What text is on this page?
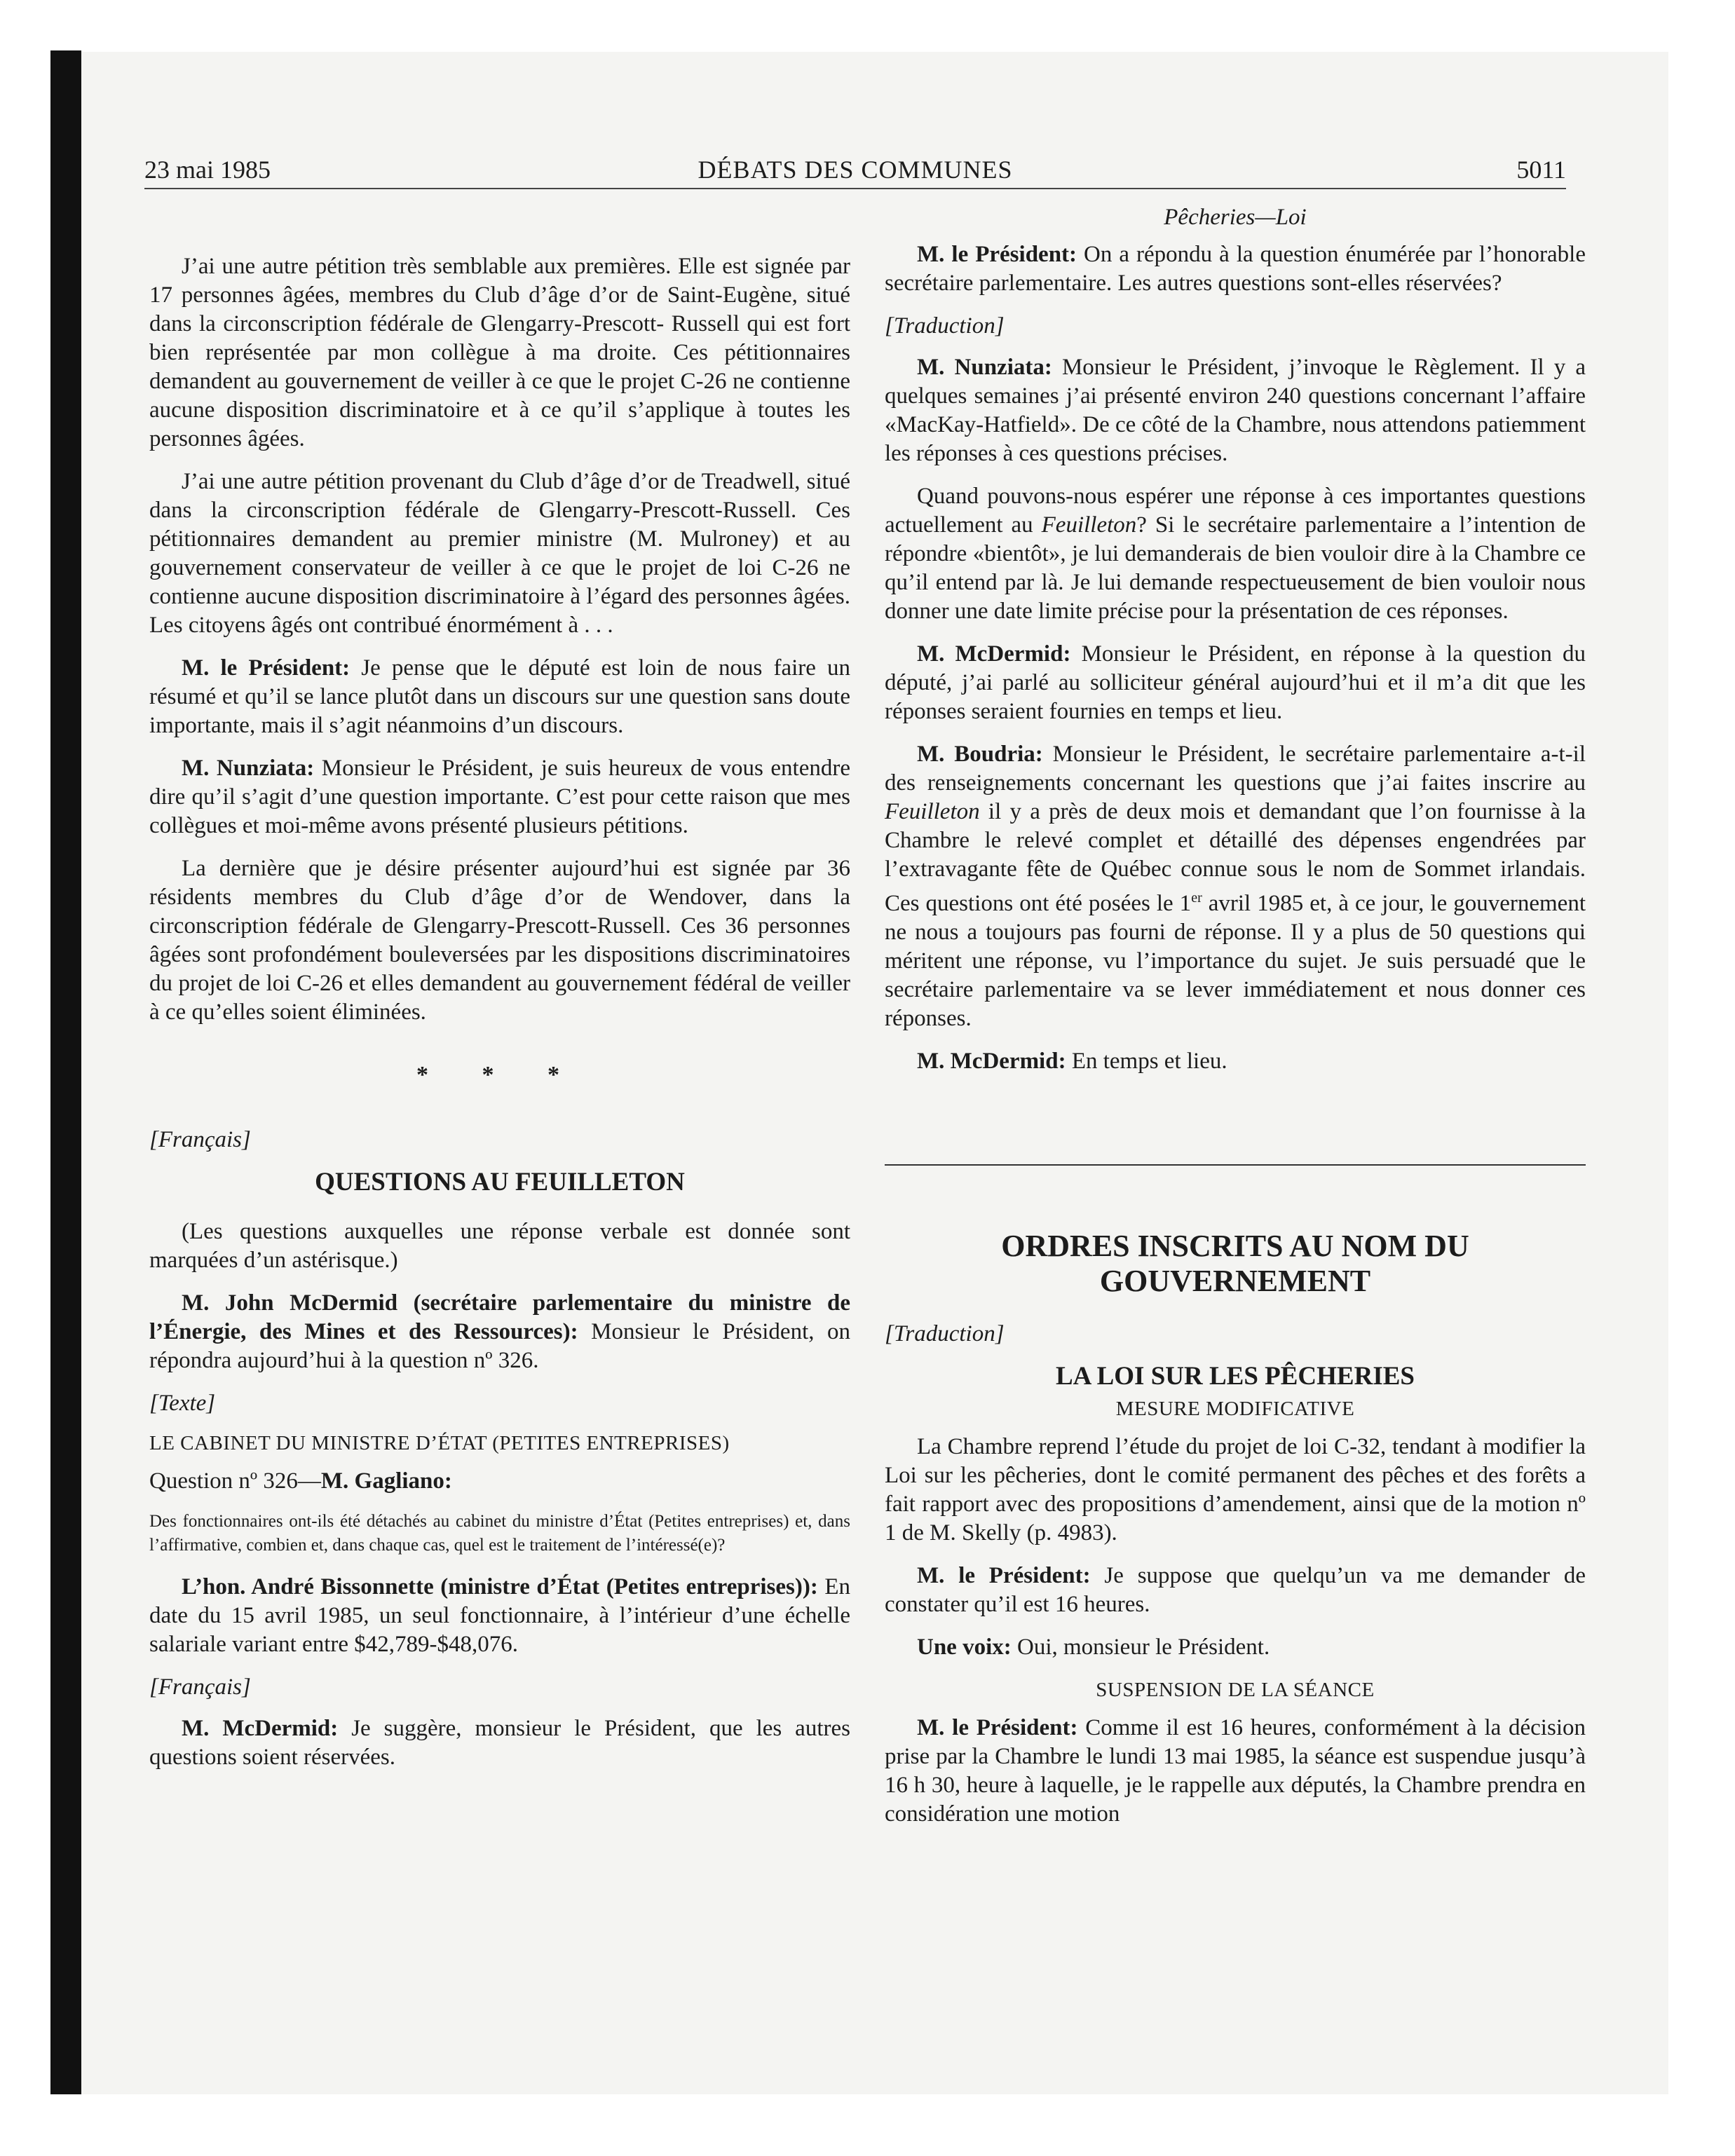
23 mai 1985	DÉBATS DES COMMUNES	5011

J’ai une autre pétition très semblable aux premières. Elle est signée par 17 personnes âgées, membres du Club d’âge d’or de Saint-Eugène, situé dans la circonscription fédérale de Glengarry-Prescott- Russell qui est fort bien représentée par mon collègue à ma droite. Ces pétitionnaires demandent au gouvernement de veiller à ce que le projet C-26 ne contienne aucune disposition discriminatoire et à ce qu’il s’applique à toutes les personnes âgées.

J’ai une autre pétition provenant du Club d’âge d’or de Treadwell, situé dans la circonscription fédérale de Glengarry-Prescott-Russell. Ces pétitionnaires demandent au premier ministre (M. Mulroney) et au gouvernement conservateur de veiller à ce que le projet de loi C-26 ne contienne aucune disposition discriminatoire à l’égard des personnes âgées. Les citoyens âgés ont contribué énormément à . . .

M. le Président: Je pense que le député est loin de nous faire un résumé et qu’il se lance plutôt dans un discours sur une question sans doute importante, mais il s’agit néanmoins d’un discours.

M. Nunziata: Monsieur le Président, je suis heureux de vous entendre dire qu’il s’agit d’une question importante. C’est pour cette raison que mes collègues et moi-même avons présenté plusieurs pétitions.

La dernière que je désire présenter aujourd’hui est signée par 36 résidents membres du Club d’âge d’or de Wendover, dans la circonscription fédérale de Glengarry-Prescott-Russell. Ces 36 personnes âgées sont profondément bouleversées par les dispositions discriminatoires du projet de loi C-26 et elles demandent au gouvernement fédéral de veiller à ce qu’elles soient éliminées.

* * *
[Français]
QUESTIONS AU FEUILLETON

(Les questions auxquelles une réponse verbale est donnée sont marquées d’un astérisque.)

M. John McDermid (secrétaire parlementaire du ministre de l’Énergie, des Mines et des Ressources): Monsieur le Président, on répondra aujourd’hui à la question nº 326.

[Texte]
LE CABINET DU MINISTRE D’ÉTAT (PETITES ENTREPRISES)

Question nº 326—M. Gagliano:

Des fonctionnaires ont-ils été détachés au cabinet du ministre d’État (Petites entreprises) et, dans l’affirmative, combien et, dans chaque cas, quel est le traitement de l’intéressé(e)?

L’hon. André Bissonnette (ministre d’État (Petites entreprises)): En date du 15 avril 1985, un seul fonctionnaire, à l’intérieur d’une échelle salariale variant entre $42,789-$48,076.

[Français]

M. McDermid: Je suggère, monsieur le Président, que les autres questions soient réservées.

Pêcheries—Loi

M. le Président: On a répondu à la question énumérée par l’honorable secrétaire parlementaire. Les autres questions sont-elles réservées?

[Traduction]

M. Nunziata: Monsieur le Président, j’invoque le Règlement. Il y a quelques semaines j’ai présenté environ 240 questions concernant l’affaire «MacKay-Hatfield». De ce côté de la Chambre, nous attendons patiemment les réponses à ces questions précises.

Quand pouvons-nous espérer une réponse à ces importantes questions actuellement au Feuilleton? Si le secrétaire parlementaire a l’intention de répondre «bientôt», je lui demanderais de bien vouloir dire à la Chambre ce qu’il entend par là. Je lui demande respectueusement de bien vouloir nous donner une date limite précise pour la présentation de ces réponses.

M. McDermid: Monsieur le Président, en réponse à la question du député, j’ai parlé au solliciteur général aujourd’hui et il m’a dit que les réponses seraient fournies en temps et lieu.

M. Boudria: Monsieur le Président, le secrétaire parlementaire a-t-il des renseignements concernant les questions que j’ai faites inscrire au Feuilleton il y a près de deux mois et demandant que l’on fournisse à la Chambre le relevé complet et détaillé des dépenses engendrées par l’extravagante fête de Québec connue sous le nom de Sommet irlandais. Ces questions ont été posées le 1er avril 1985 et, à ce jour, le gouvernement ne nous a toujours pas fourni de réponse. Il y a plus de 50 questions qui méritent une réponse, vu l’importance du sujet. Je suis persuadé que le secrétaire parlementaire va se lever immédiatement et nous donner ces réponses.

M. McDermid: En temps et lieu.

ORDRES INSCRITS AU NOM DU GOUVERNEMENT
[Traduction]
LA LOI SUR LES PÊCHERIES
MESURE MODIFICATIVE

La Chambre reprend l’étude du projet de loi C-32, tendant à modifier la Loi sur les pêcheries, dont le comité permanent des pêches et des forêts a fait rapport avec des propositions d’amendement, ainsi que de la motion nº 1 de M. Skelly (p. 4983).

M. le Président: Je suppose que quelqu’un va me demander de constater qu’il est 16 heures.

Une voix: Oui, monsieur le Président.

SUSPENSION DE LA SÉANCE

M. le Président: Comme il est 16 heures, conformément à la décision prise par la Chambre le lundi 13 mai 1985, la séance est suspendue jusqu’à 16 h 30, heure à laquelle, je le rappelle aux députés, la Chambre prendra en considération une motion
